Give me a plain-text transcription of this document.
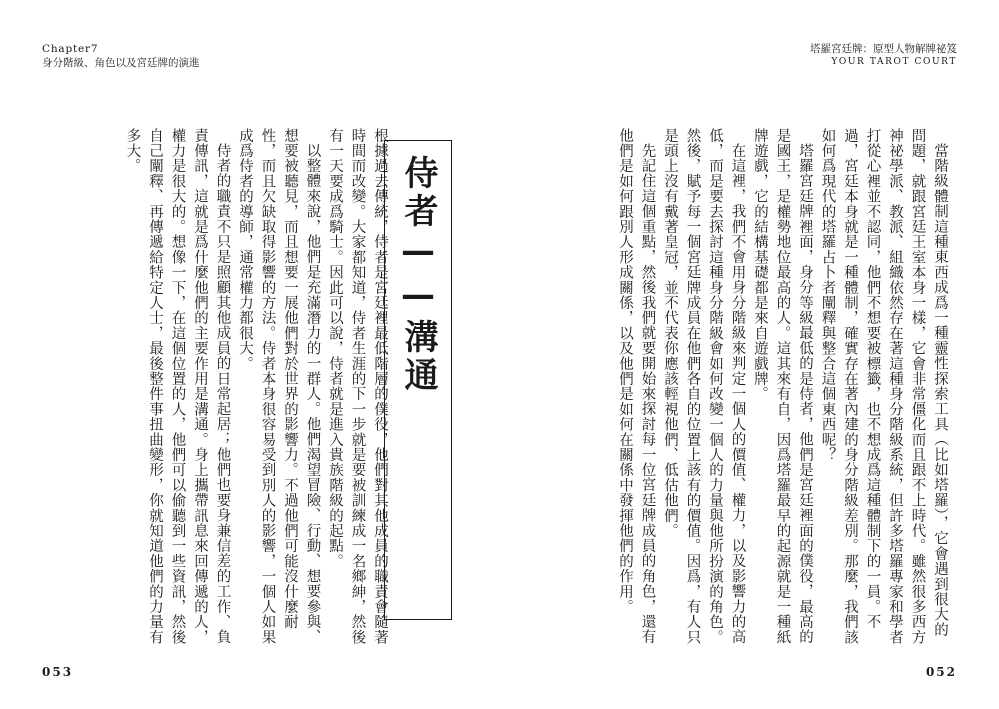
Chapter7
身分階級、角色以及宮廷牌的演進
侍者——溝通

根據過去傳統，侍者是宮廷裡最低階層的僕役，他們對其他成員的職責會隨著時間而改變。大家都知道，侍者生涯的下一步就是要被訓練成一名鄉紳，然後有一天要成爲騎士。因此可以說，侍者就是進入貴族階級的起點。

以整體來說，他們是充滿潛力的一群人。他們渴望冒險、行動、想要參與、想要被聽見，而且想要一展他們對於世界的影響力。不過他們可能沒什麼耐性，而且欠缺取得影響的方法。侍者本身很容易受到別人的影響，一個人如果成爲侍者的導師，通常權力都很大。

侍者的職責不只是照顧其他成員的日常起居；他們也要身兼信差的工作、負責傳訊，這就是爲什麼他們的主要作用是溝通。身上攜帶訊息來回傳遞的人，權力是很大的。想像一下，在這個位置的人，他們可以偷聽到一些資訊，然後自己闡釋、再傳遞給特定人士，最後整件事扭曲變形，你就知道他們的力量有多大。

053
塔羅宮廷牌：原型人物解牌祕笈
YOUR TAROT COURT

當階級體制這種東西成爲一種靈性探索工具（比如塔羅），它會遇到很大的問題，就跟宮廷王室本身一樣，它會非常僵化而且跟不上時代。雖然很多西方神祕學派、教派、組織依然存在著這種身分階級系統，但許多塔羅專家和學者打從心裡並不認同，他們不想要被標籤，也不想成爲這種體制下的一員。不過，宮廷本身就是一種體制，確實存在著內建的身分階級差別。那麼，我們該如何爲現代的塔羅占卜者闡釋與整合這個東西呢？

塔羅宮廷牌裡面，身分等級最低的是侍者，他們是宮廷裡面的僕役，最高的是國王，是權勢地位最高的人。這其來有自，因爲塔羅最早的起源就是一種紙牌遊戲，它的結構基礎都是來自遊戲牌。

在這裡，我們不會用身分階級來判定一個人的價值、權力，以及影響力的高低，而是要去探討這種身分階級會如何改變一個人的力量與他所扮演的角色。然後，賦予每一個宮廷牌成員在他們各自的位置上該有的價值。因爲，有人只是頭上沒有戴著皇冠，並不代表你應該輕視他們、低估他們。

先記住這個重點，然後我們就要開始來探討每一位宮廷牌成員的角色，還有他們是如何跟別人形成關係，以及他們是如何在關係中發揮他們的作用。

052
